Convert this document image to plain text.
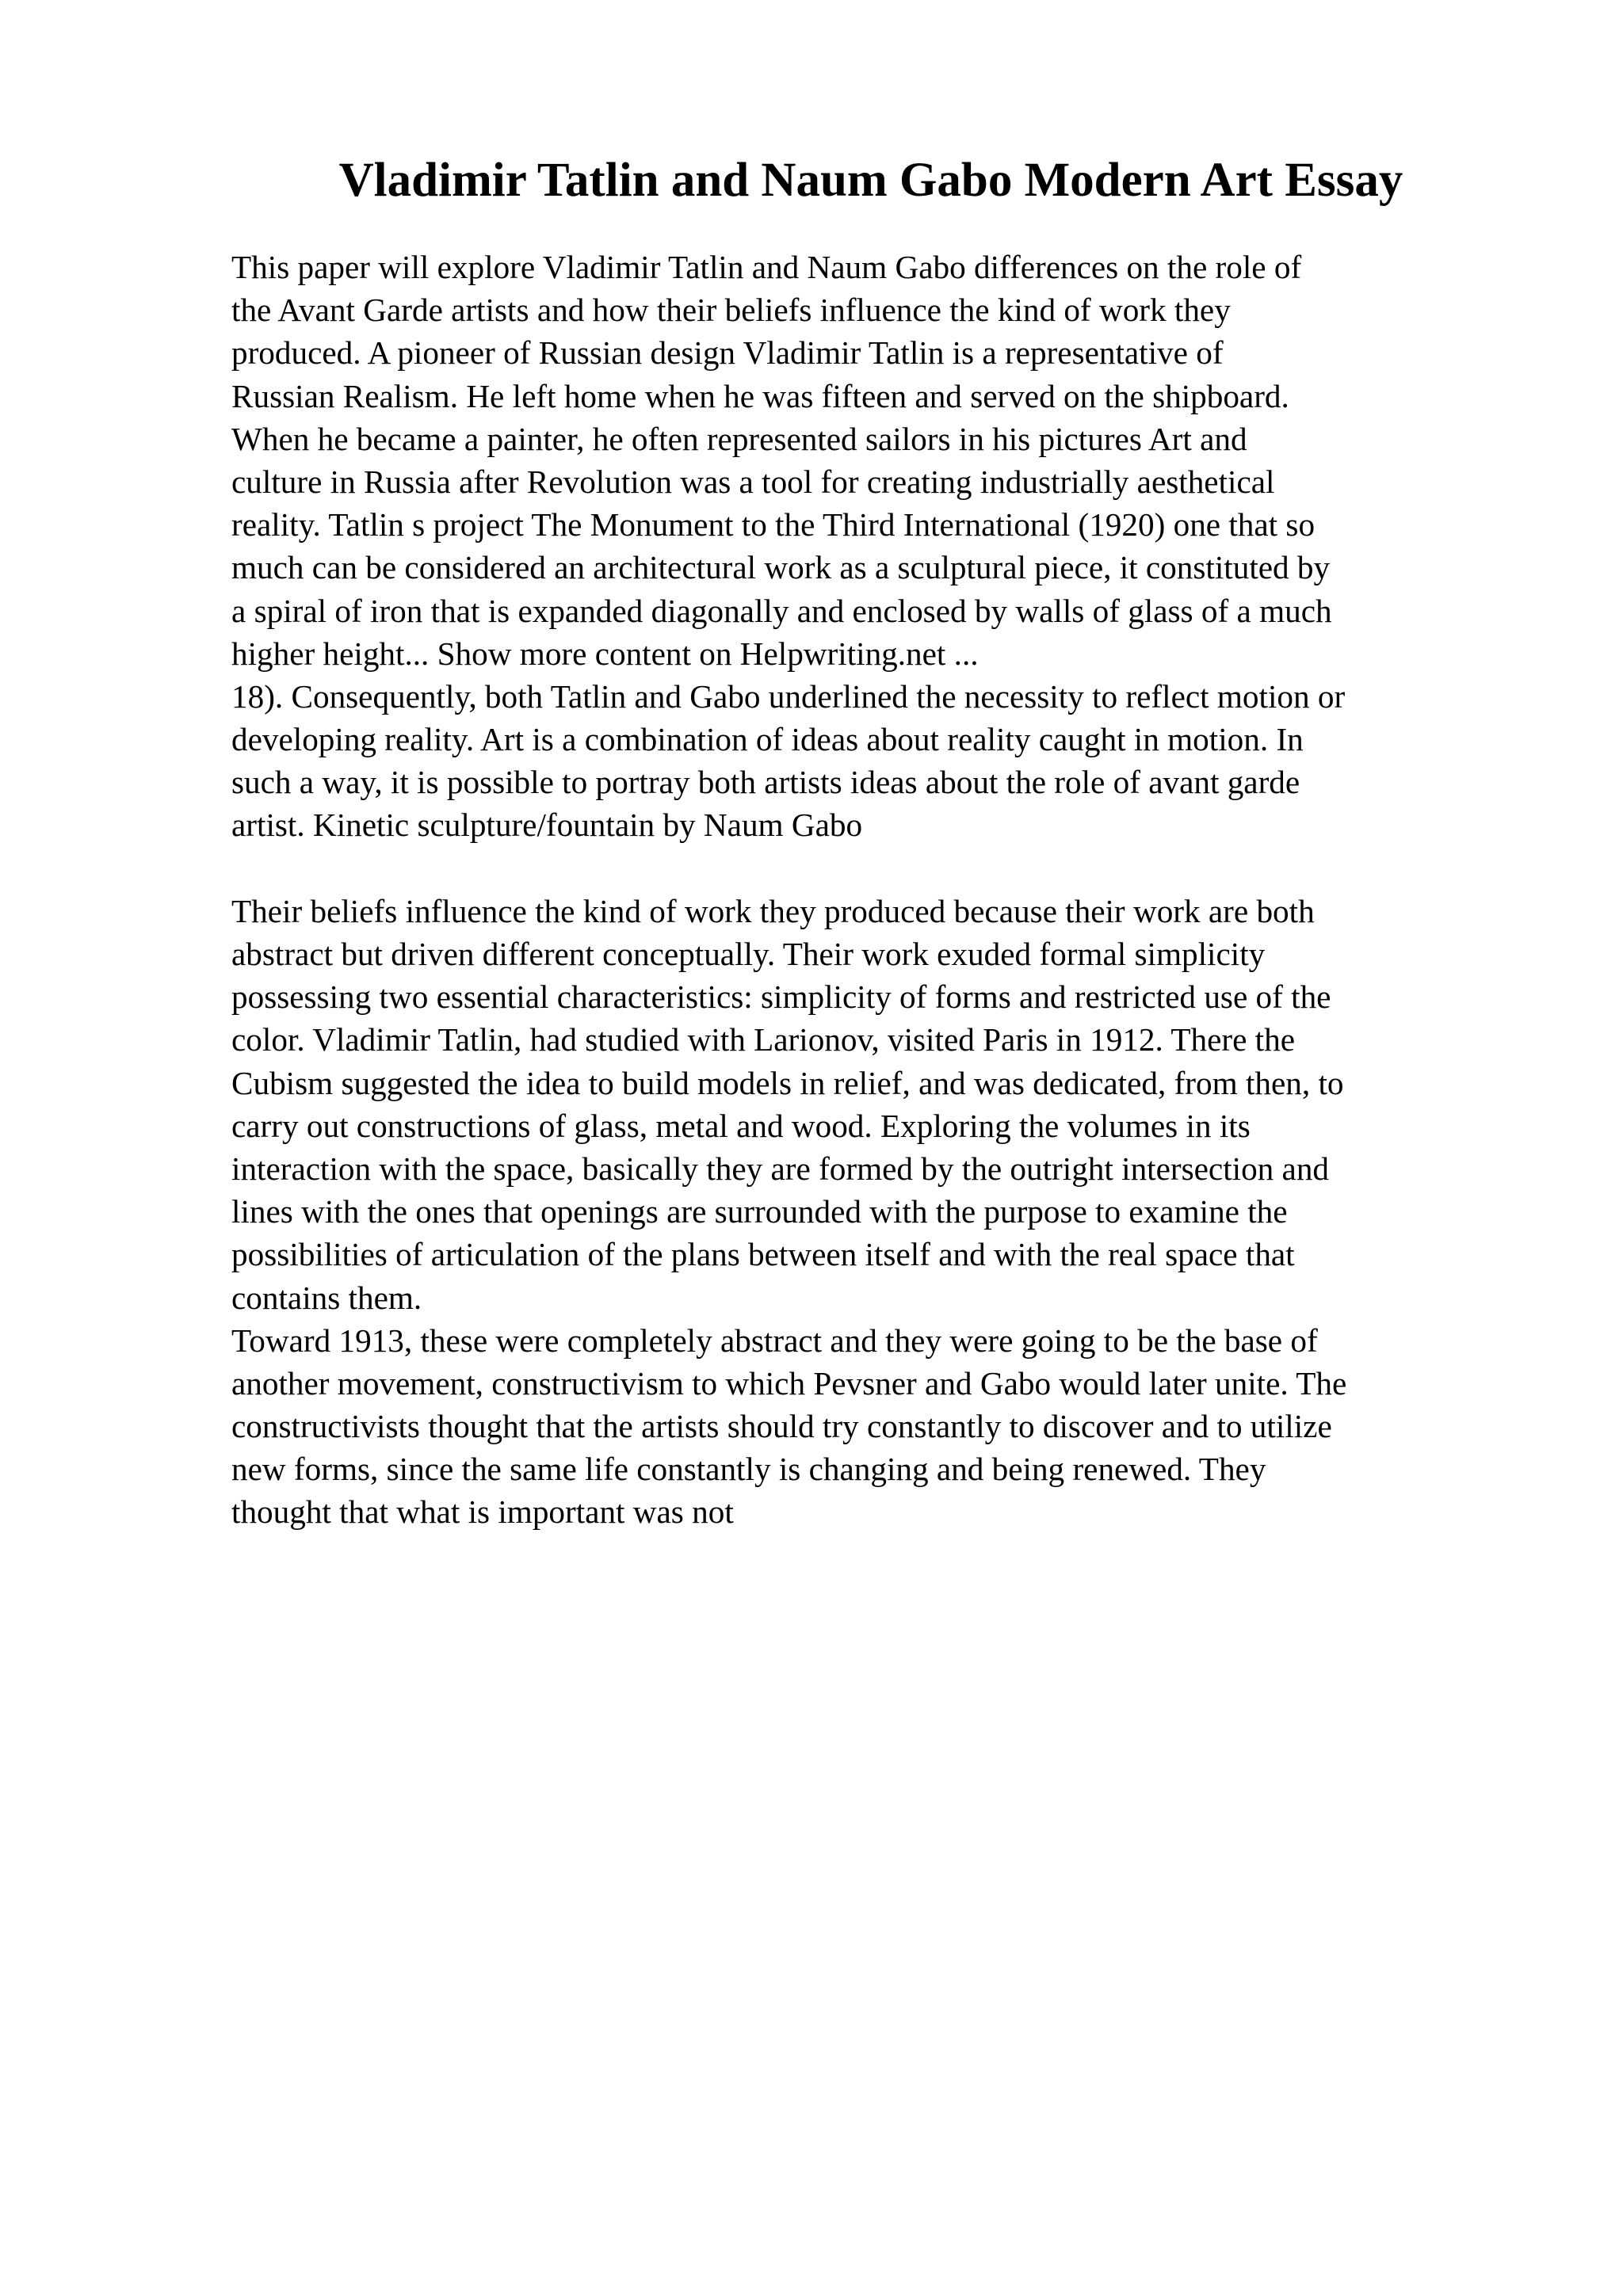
Vladimir Tatlin and Naum Gabo Modern Art Essay
This paper will explore Vladimir Tatlin and Naum Gabo differences on the role of
the Avant Garde artists and how their beliefs influence the kind of work they
produced. A pioneer of Russian design Vladimir Tatlin is a representative of
Russian Realism. He left home when he was fifteen and served on the shipboard.
When he became a painter, he often represented sailors in his pictures Art and
culture in Russia after Revolution was a tool for creating industrially aesthetical
reality. Tatlin s project The Monument to the Third International (1920) one that so
much can be considered an architectural work as a sculptural piece, it constituted by
a spiral of iron that is expanded diagonally and enclosed by walls of glass of a much
higher height... Show more content on Helpwriting.net ...
18). Consequently, both Tatlin and Gabo underlined the necessity to reflect motion or
developing reality. Art is a combination of ideas about reality caught in motion. In
such a way, it is possible to portray both artists ideas about the role of avant garde
artist. Kinetic sculpture/fountain by Naum Gabo
Their beliefs influence the kind of work they produced because their work are both
abstract but driven different conceptually. Their work exuded formal simplicity
possessing two essential characteristics: simplicity of forms and restricted use of the
color. Vladimir Tatlin, had studied with Larionov, visited Paris in 1912. There the
Cubism suggested the idea to build models in relief, and was dedicated, from then, to
carry out constructions of glass, metal and wood. Exploring the volumes in its
interaction with the space, basically they are formed by the outright intersection and
lines with the ones that openings are surrounded with the purpose to examine the
possibilities of articulation of the plans between itself and with the real space that
contains them.
Toward 1913, these were completely abstract and they were going to be the base of
another movement, constructivism to which Pevsner and Gabo would later unite. The
constructivists thought that the artists should try constantly to discover and to utilize
new forms, since the same life constantly is changing and being renewed. They
thought that what is important was not
